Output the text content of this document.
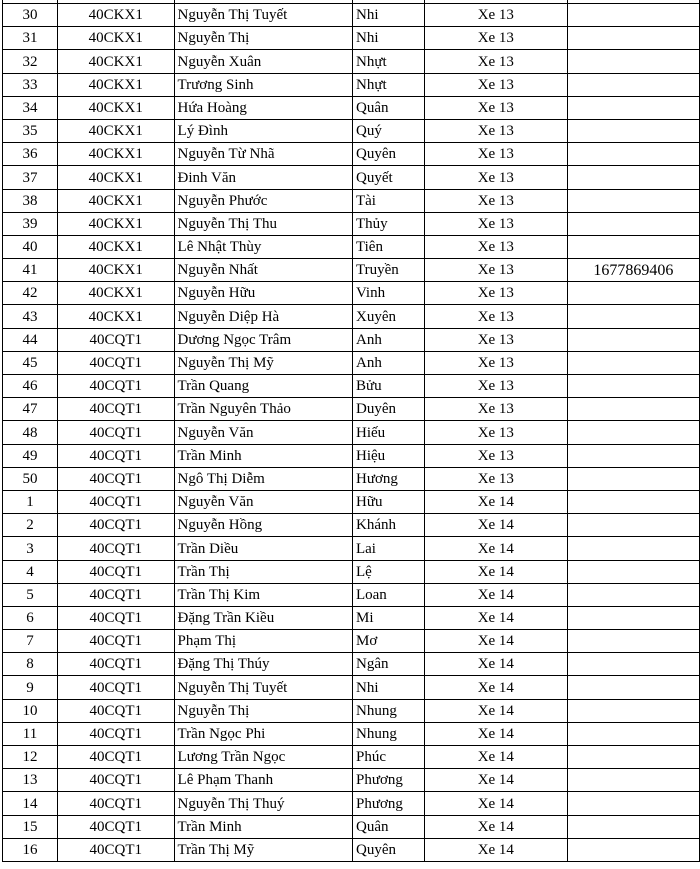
30	40CKX1	Nguyễn Thị Tuyết	Nhi	Xe 13	
31	40CKX1	Nguyễn Thị	Nhi	Xe 13	
32	40CKX1	Nguyễn Xuân	Nhựt	Xe 13	
33	40CKX1	Trương Sinh	Nhựt	Xe 13	
34	40CKX1	Hứa Hoàng	Quân	Xe 13	
35	40CKX1	Lý Đình	Quý	Xe 13	
36	40CKX1	Nguyễn Từ Nhã	Quyên	Xe 13	
37	40CKX1	Đinh Văn	Quyết	Xe 13	
38	40CKX1	Nguyễn Phước	Tài	Xe 13	
39	40CKX1	Nguyễn Thị Thu	Thủy	Xe 13	
40	40CKX1	Lê Nhật Thùy	Tiên	Xe 13	
41	40CKX1	Nguyễn Nhất	Truyền	Xe 13	1677869406
42	40CKX1	Nguyễn Hữu	Vinh	Xe 13	
43	40CKX1	Nguyễn Diệp Hà	Xuyên	Xe 13	
44	40CQT1	Dương Ngọc Trâm	Anh	Xe 13	
45	40CQT1	Nguyễn Thị Mỹ	Anh	Xe 13	
46	40CQT1	Trần Quang	Bửu	Xe 13	
47	40CQT1	Trần Nguyên Thảo	Duyên	Xe 13	
48	40CQT1	Nguyễn Văn	Hiếu	Xe 13	
49	40CQT1	Trần Minh	Hiệu	Xe 13	
50	40CQT1	Ngô Thị Diễm	Hương	Xe 13	
1	40CQT1	Nguyễn Văn	Hữu	Xe 14	
2	40CQT1	Nguyễn Hồng	Khánh	Xe 14	
3	40CQT1	Trần Diều	Lai	Xe 14	
4	40CQT1	Trần Thị	Lệ	Xe 14	
5	40CQT1	Trần Thị Kim	Loan	Xe 14	
6	40CQT1	Đặng Trần Kiều	Mi	Xe 14	
7	40CQT1	Phạm Thị	Mơ	Xe 14	
8	40CQT1	Đặng Thị Thúy	Ngân	Xe 14	
9	40CQT1	Nguyễn Thị Tuyết	Nhi	Xe 14	
10	40CQT1	Nguyễn Thị	Nhung	Xe 14	
11	40CQT1	Trần Ngọc Phi	Nhung	Xe 14	
12	40CQT1	Lương Trần Ngọc	Phúc	Xe 14	
13	40CQT1	Lê Phạm Thanh	Phương	Xe 14	
14	40CQT1	Nguyễn Thị Thuý	Phương	Xe 14	
15	40CQT1	Trần Minh	Quân	Xe 14	
16	40CQT1	Trần Thị Mỹ	Quyên	Xe 14	
